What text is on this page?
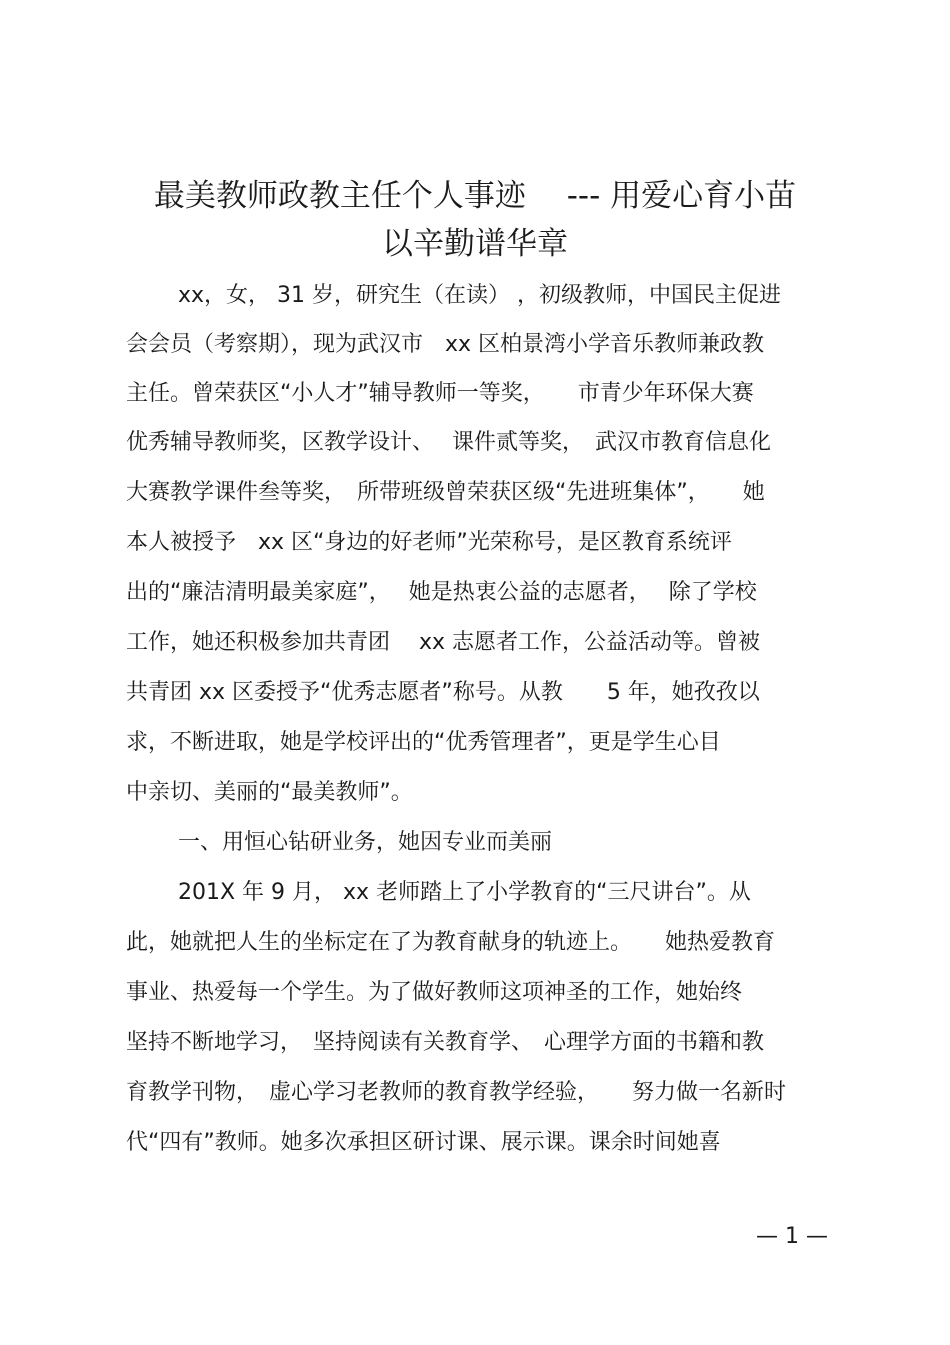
最美教师政教主任个人事迹　 --- 用爱心育小苗
以辛勤谱华章
xx，女， 31 岁，研究生（在读） ，初级教师，中国民主促进
会会员（考察期），现为武汉市　xx 区柏景湾小学音乐教师兼政教
主任。曾荣获区“小人才”辅导教师一等奖，　　市青少年环保大赛
优秀辅导教师奖，区教学设计、　 课件贰等奖，　武汉市教育信息化
大赛教学课件叁等奖，　所带班级曾荣获区级“先进班集体”，　　她
本人被授予　xx 区“身边的好老师”光荣称号，是区教育系统评
出的“廉洁清明最美家庭”，　 她是热衷公益的志愿者，　 除了学校
工作，她还积极参加共青团　 xx 志愿者工作，公益活动等。曾被
共青团 xx 区委授予“优秀志愿者”称号。从教　　5 年，她孜孜以
求，不断进取，她是学校评出的“优秀管理者”，更是学生心目
中亲切、美丽的“最美教师”。
一、用恒心钻研业务，她因专业而美丽
201X 年 9 月， xx 老师踏上了小学教育的“三尺讲台”。从
此，她就把人生的坐标定在了为教育献身的轨迹上。　　她热爱教育
事业、热爱每一个学生。为了做好教师这项神圣的工作，她始终
坚持不断地学习，　坚持阅读有关教育学、　心理学方面的书籍和教
育教学刊物，　虚心学习老教师的教育教学经验，　　努力做一名新时
代“四有”教师。她多次承担区研讨课、展示课。课余时间她喜
— 1 —
